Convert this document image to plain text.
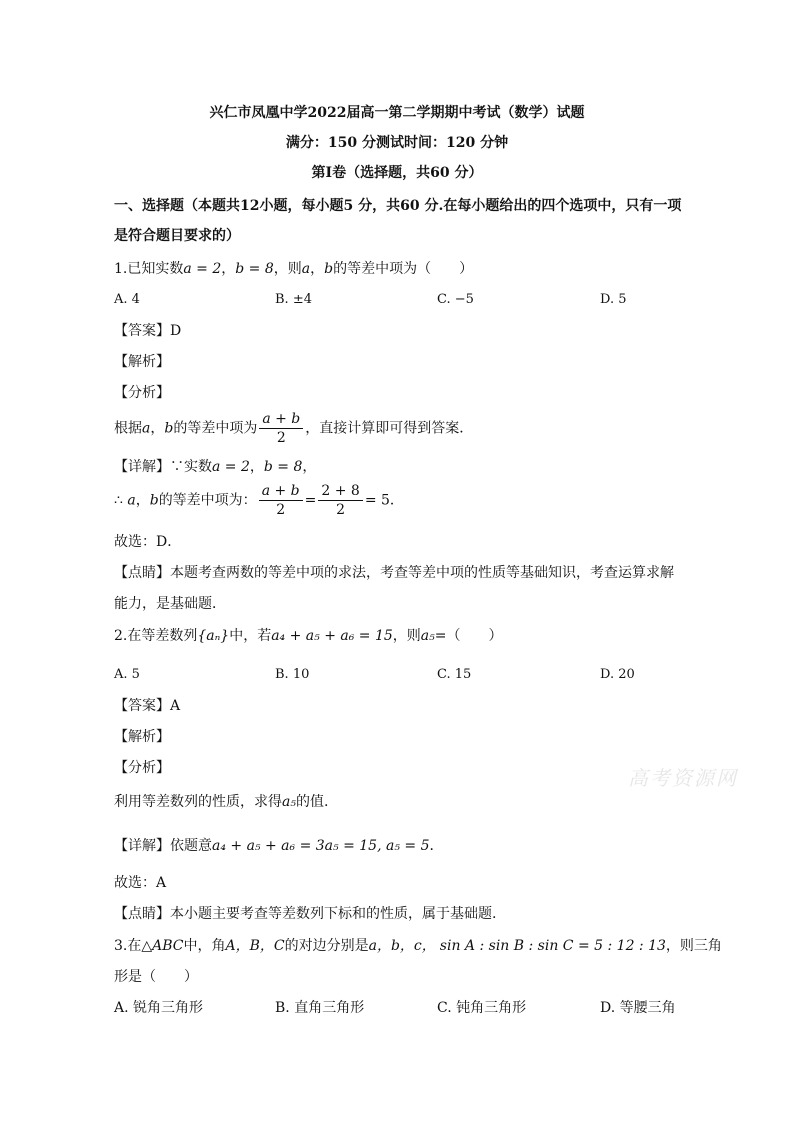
兴仁市凤凰中学2022届高一第二学期期中考试（数学）试题
满分：150 分测试时间：120 分钟
第Ⅰ卷（选择题，共60 分）
一、选择题（本题共12小题，每小题5 分，共60 分.在每小题给出的四个选项中，只有一项
是符合题目要求的）
1.已知实数a = 2，b = 8，则a，b的等差中项为（　　）
A. 4	B. ±4	C. −5	D. 5
【答案】D
【解析】
【分析】
根据a，b的等差中项为 $\frac{a + b}{2}$ ，直接计算即可得到答案．
【详解】∵实数a = 2，b = 8，
∴ a，b的等差中项为： $\frac{a + b}{2} = \frac{2 + 8}{2} = 5$．
故选：D．
【点睛】本题考查两数的等差中项的求法，考查等差中项的性质等基础知识，考查运算求解
能力，是基础题．
2.在等差数列{aₙ}中，若a₄ + a₅ + a₆ = 15，则a₅=（　　）
A. 5	B. 10	C. 15	D. 20
【答案】A
【解析】
【分析】
利用等差数列的性质，求得a₅的值.
【详解】依题意a₄ + a₅ + a₆ = 3a₅ = 15, a₅ = 5．
故选：A
【点睛】本小题主要考查等差数列下标和的性质，属于基础题.
3.在△ABC中，角A，B，C的对边分别是a，b，c， sin A : sin B : sin C = 5 : 12 : 13，则三角
形是（　　）
A. 锐角三角形	B. 直角三角形	C. 钝角三角形	D. 等腰三角
高考资源网
